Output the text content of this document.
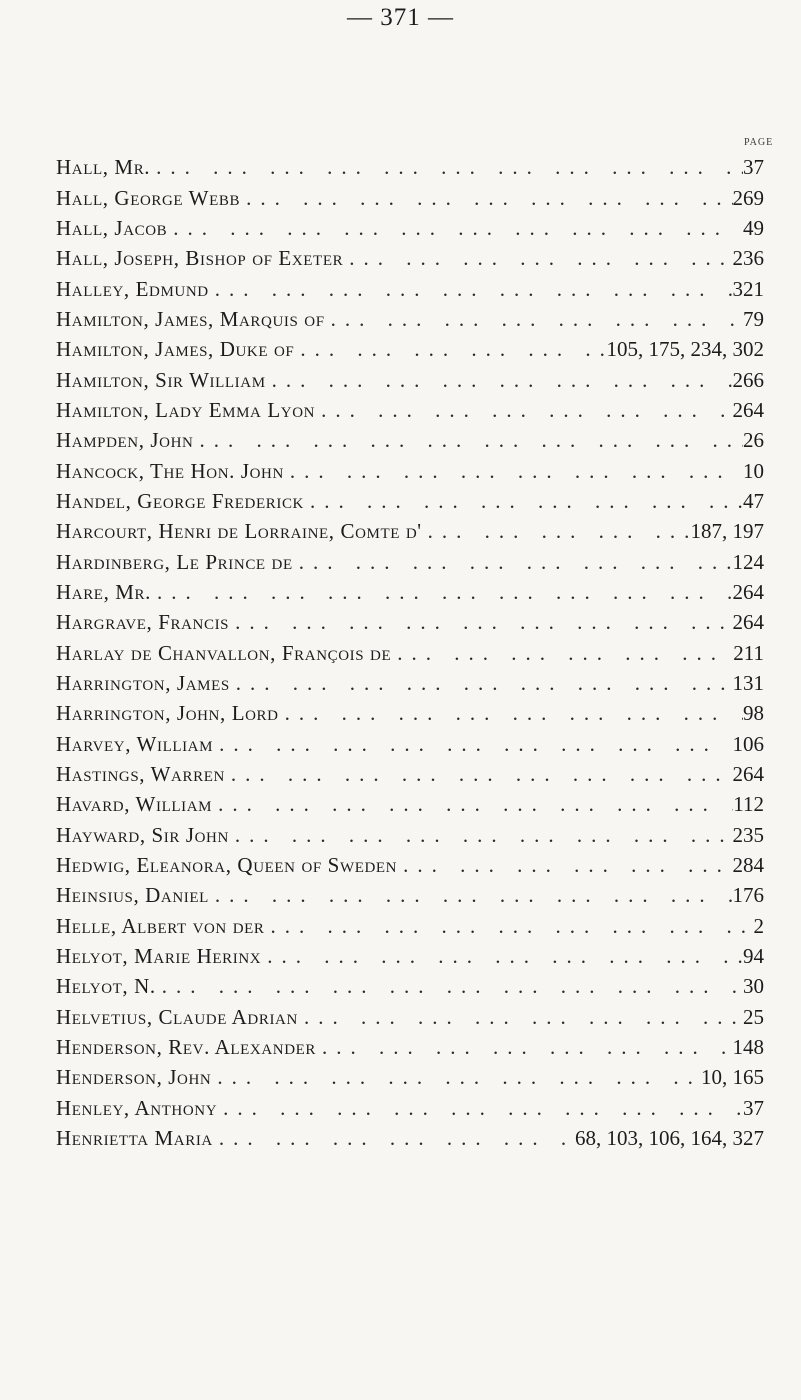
— 371 —
PAGE
Hall, Mr. ... .	37
Hall, George Webb ... .	269
Hall, Jacob ... .	49
Hall, Joseph, Bishop of Exeter ... .	236
Halley, Edmund ... .	321
Hamilton, James, Marquis of ... .	79
Hamilton, James, Duke of ... .	105, 175, 234, 302
Hamilton, Sir William ... .	266
Hamilton, Lady Emma Lyon ... .	264
Hampden, John ... .	26
Hancock, The Hon. John ... .	10
Handel, George Frederick ... .	47
Harcourt, Henri de Lorraine, Comte d' ... .	187, 197
Hardinberg, Le Prince de ... .	124
Hare, Mr. ... .	264
Hargrave, Francis ... .	264
Harlay de Chanvallon, François de ... .	211
Harrington, James ... .	131
Harrington, John, Lord ... .	98
Harvey, William ... .	106
Hastings, Warren ... .	264
Havard, William ... .	112
Hayward, Sir John ... .	235
Hedwig, Eleanora, Queen of Sweden ... .	284
Heinsius, Daniel ... .	176
Helle, Albert von der ... .	2
Helyot, Marie Herinx ... .	94
Helyot, N. ... .	30
Helvetius, Claude Adrian ... .	25
Henderson, Rev. Alexander ... .	148
Henderson, John ... .	10, 165
Henley, Anthony ... .	37
Henrietta Maria ... .	68, 103, 106, 164, 327
